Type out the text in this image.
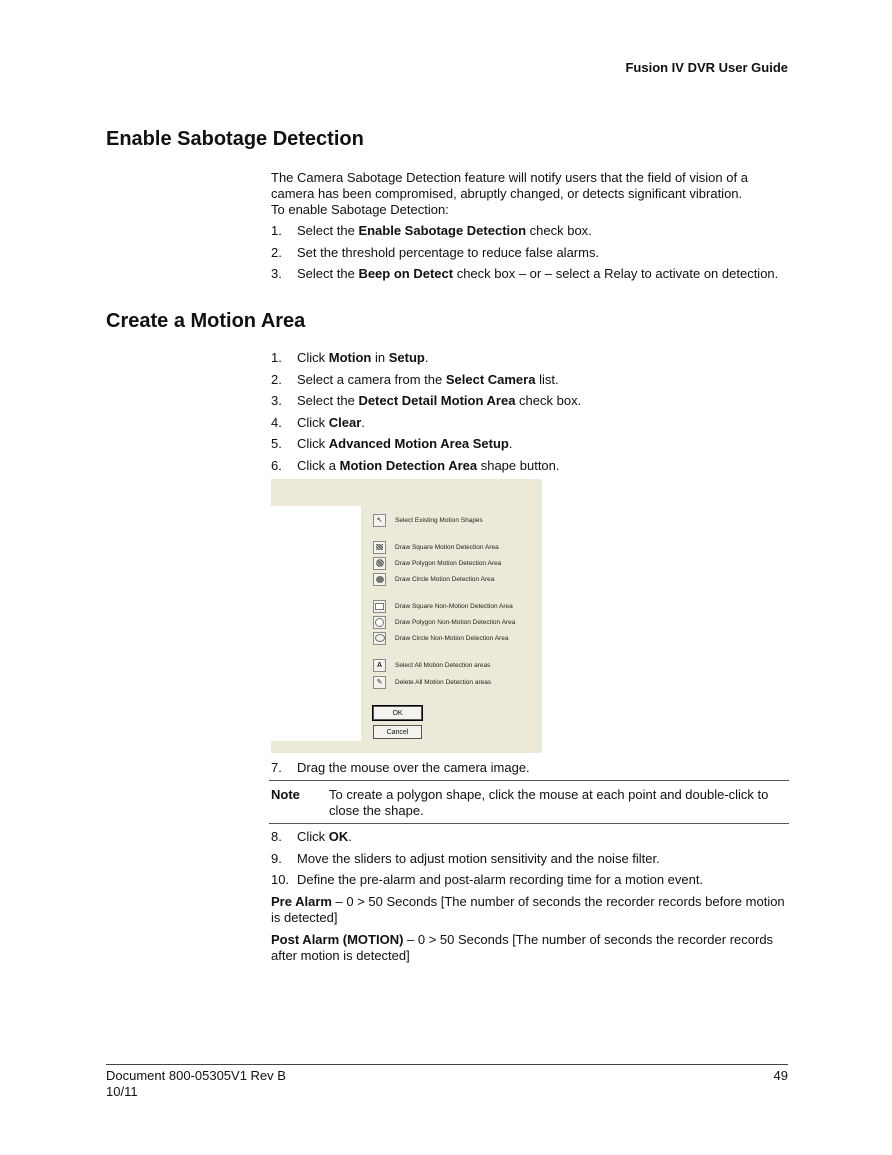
Fusion IV DVR User Guide
Enable Sabotage Detection

The Camera Sabotage Detection feature will notify users that the field of vision of a

camera has been compromised, abruptly changed, or detects significant vibration.

To enable Sabotage Detection:

1. Select the Enable Sabotage Detection check box.
2. Set the threshold percentage to reduce false alarms.
3. Select the Beep on Detect check box – or – select a Relay to activate on detection.
Create a Motion Area
1. Click Motion in Setup.
2. Select a camera from the Select Camera list.
3. Select the Detect Detail Motion Area check box.
4. Click Clear.
5. Click Advanced Motion Area Setup.
6. Click a Motion Detection Area shape button.
↖	Select Existing Motion Shapes
Draw Square Motion Detection Area
Draw Polygon Motion Detection Area
Draw Circle Motion Detection Area
Draw Square Non-Motion Detection Area
Draw Polygon Non-Motion Detection Area
Draw Circle Non-Motion Detection Area
A	Select All Motion Detection areas
✎	Delete All Motion Detection areas
OK
Cancel
7. Drag the mouse over the camera image.
Note To create a polygon shape, click the mouse at each point and double-click to close the shape.
8. Click OK.
9. Move the sliders to adjust motion sensitivity and the noise filter.
10. Define the pre-alarm and post-alarm recording time for a motion event.

Pre Alarm – 0 > 50 Seconds [The number of seconds the recorder records before motion is detected]

Post Alarm (MOTION) – 0 > 50 Seconds [The number of seconds the recorder records after motion is detected]

Document 800-05305V1 Rev B
10/11
49
